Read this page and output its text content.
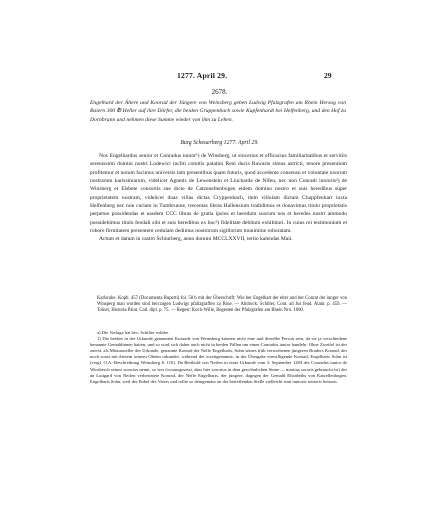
1277. April 29.	29
2678.

Engelhard der Ältere und Konrad der Jüngere von Weinsberg geben Ludwig Pfalzgrafen am Rhein Herzog von Baiern 300 ℔ Heller auf ihre Dörfer, die beiden Gruppenbach sowie Kupfenhardt bei Helfenberg, und den Hof zu Dornbrunn und nehmen diese Summe wieder von ihm zu Lehen.

Burg Scheuerberg 1277. April 29.

Nos Engelhardus senior et Conradus iunior¹) de Winsberg, ut sincerius et efficacius familiaritatibus et servitiis serenissimi domini nostri Lodewici incliti comitis palatini Reni ducis Bawarie simus astricti, tenore presentium profitemur et notum facimus universis tam presentibus quam futuris, quod accedente consensu et voluntate uxorum nostrarum karissimarum, videlicet Agnetis de Lewenstein et Liucharde de Nifen, nec non Conradi iunioris²) de Winsberg et Elsbete consortis sue dicte de Catzenellenbogen eidem domino nostro et suis heredibus super proprietatem nostram, videlicet duas villas dictas Cryppenbach, item villulam dictam Chappfenhart iuxta Helfenberg nec non curiam in Tumbrunne, trecentas libras Hallensium tradidimus et donavimus titulo proprietatis perpetuo possidendas et easdem CCC libras de gratia ipsius et heredum suorum nos et heredes nostri ammodo possidebimus titulo feodali sibi et suis heredibus ex hoc³) fidelitate debitum exhibituri. In cuius rei testimonium et robore firmitatem presentem cedulam dedimus nostrorum sigillorum munimine roboratam.

Actum et datum in castro Schiurberg, anno domini MCCLXXVII, tertio kalendas Maii.

Karlsruhe. Kopb. 457 (Documenta Ruperti) fol. 58 b mit der Überschrift: Wie her Engelhart der elter und her Conrat der iunger von Winsperg man worden sind herczogen Ludwigs pfaltzgraffen zu Rine. — Abdruck: Schilter, Cont. ad Jus feud. Alam. p. 459. — Tolner, Historia Palat. Cod. dipl. p. 75. — Regest: Koch-Wille, Regesten der Pfalzgrafen am Rhein Nro. 1000.

a) Die Vorlage hat hec; Schilter exhibe.

1) Die beiden in der Urkunde genannten Konrade von Weinsberg können nicht eine und dieselbe Person sein, da sie ja verschiedene benannte Gemahlinnen hatten, und so wird sich daher auch nicht in beiden Fällen um einen Conradus iunior handeln. Ohne Zweifel ist der zuerst, als Mitaussteller der Urkunde, genannte Konrad der Neffe Engelharts, Sohn seines früh verstorbenen jüngeren Bruders Konrad, der noch sonst mit diesem seinem Oheim urkundet, während der zweitgenannte, in der Übergabe einwilligende Konrad, Engelharts Sohn ist (vergl. O.A.-Beschreibung Weinsberg S. 110). Da Berthold von Neifen in einer Urkunde vom 3. September 1284 des Conradus iunior de Winsberch seines sororius nennt, so war (vorausgesetzt, dass hier sororius in dem gewöhnlichen Sinne — maritus sororis gebraucht ist) der an Luitgard von Neifen verheiratete Konrad, der Neffe Engelharts, der jüngere, dagegen der Gemahl Elisabeths von Katzellenbogen, Engelharts Sohn, weil der Enkel des Vaters und rollte so demgemäss an der betreffenden Stelle vielleicht statt iunioris senioris heissen.
